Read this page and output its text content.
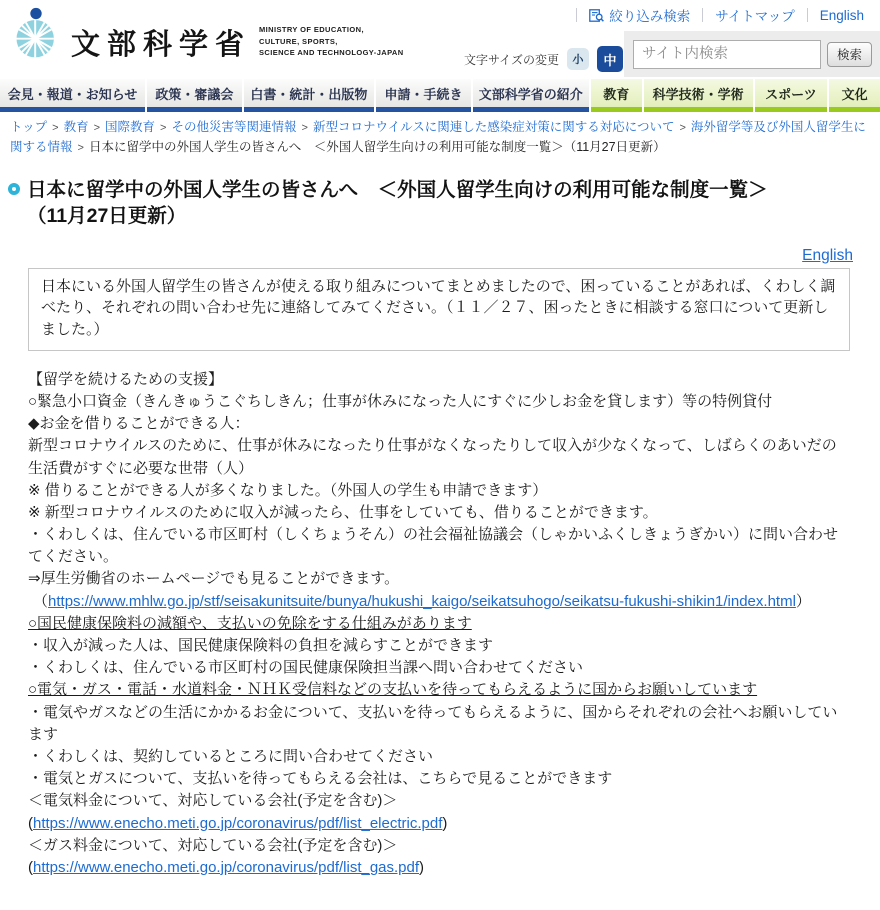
文部科学省 MINISTRY OF EDUCATION,
CULTURE, SPORTS,
SCIENCE AND TECHNOLOGY-JAPAN
絞り込み検索 サイトマップ English
文字サイズの変更	小	中
サイト内検索	検索
会見・報道・お知らせ	政策・審議会	白書・統計・出版物	申請・手続き	文部科学省の紹介	教育	科学技術・学術	スポーツ	文化
トップ > 教育 > 国際教育 > その他災害等関連情報 > 新型コロナウイルスに関連した感染症対策に関する対応について > 海外留学等及び外国人留学生に関する情報 > 日本に留学中の外国人学生の皆さんへ　＜外国人留学生向けの利用可能な制度一覧＞（11月27日更新）
日本に留学中の外国人学生の皆さんへ　＜外国人留学生向けの利用可能な制度一覧＞（11月27日更新）
English
日本にいる外国人留学生の皆さんが使える取り組みについてまとめましたので、困っていることがあれば、くわしく調べたり、それぞれの問い合わせ先に連絡してみてください。（１１／２７、困ったときに相談する窓口について更新しました。）

【留学を続けるための支援】

○緊急小口資金（きんきゅうこぐちしきん；仕事が休みになった人にすぐに少しお金を貸します）等の特例貸付

◆お金を借りることができる人：

新型コロナウイルスのために、仕事が休みになったり仕事がなくなったりして収入が少なくなって、しばらくのあいだの生活費がすぐに必要な世帯（人）

※ 借りることができる人が多くなりました。（外国人の学生も申請できます）

※ 新型コロナウイルスのために収入が減ったら、仕事をしていても、借りることができます。

・くわしくは、住んでいる市区町村（しくちょうそん）の社会福祉協議会（しゃかいふくしきょうぎかい）に問い合わせてください。

⇒厚生労働省のホームページでも見ることができます。

（https://www.mhlw.go.jp/stf/seisakunitsuite/bunya/hukushi_kaigo/seikatsuhogo/seikatsu-fukushi-shikin1/index.html）

○国民健康保険料の減額や、支払いの免除をする仕組みがあります

・収入が減った人は、国民健康保険料の負担を減らすことができます

・くわしくは、住んでいる市区町村の国民健康保険担当課へ問い合わせてください

○電気・ガス・電話・水道料金・ＮＨＫ受信料などの支払いを待ってもらえるように国からお願いしています

・電気やガスなどの生活にかかるお金について、支払いを待ってもらえるように、国からそれぞれの会社へお願いしています

・くわしくは、契約しているところに問い合わせてください

・電気とガスについて、支払いを待ってもらえる会社は、こちらで見ることができます

＜電気料金について、対応している会社(予定を含む)＞

(https://www.enecho.meti.go.jp/coronavirus/pdf/list_electric.pdf)

＜ガス料金について、対応している会社(予定を含む)＞

(https://www.enecho.meti.go.jp/coronavirus/pdf/list_gas.pdf)
